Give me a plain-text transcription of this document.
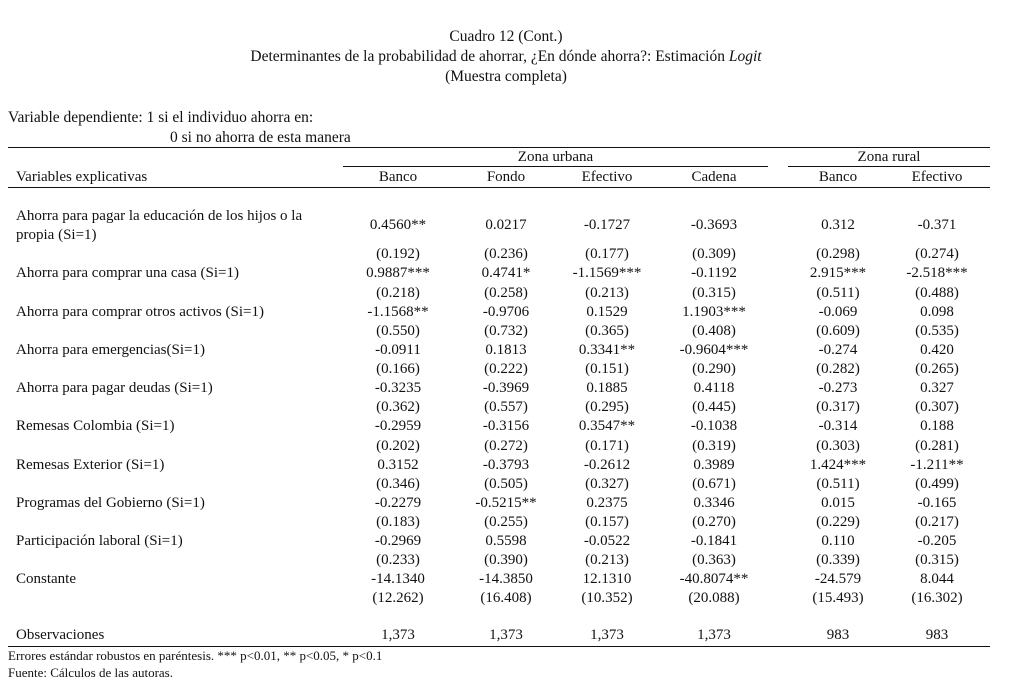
Cuadro 12 (Cont.)
Determinantes de la probabilidad de ahorrar, ¿En dónde ahorra?: Estimación Logit
(Muestra completa)
Variable dependiente: 1 si el individuo ahorra en:
0 si no ahorra de esta manera
Zona urbana	Zona rural
Variables explicativas	Banco	Fondo	Efectivo	Cadena	Banco	Efectivo
Ahorra para pagar la educación de los hijos o la
propia (Si=1)
0.4560**	0.0217	-0.1727	-0.3693	0.312	-0.371
(0.192)	(0.236)	(0.177)	(0.309)	(0.298)	(0.274)
Ahorra para comprar una casa (Si=1)	0.9887***	0.4741*	-1.1569***	-0.1192	2.915***	-2.518***
(0.218)	(0.258)	(0.213)	(0.315)	(0.511)	(0.488)
Ahorra para comprar otros activos (Si=1)	-1.1568**	-0.9706	0.1529	1.1903***	-0.069	0.098
(0.550)	(0.732)	(0.365)	(0.408)	(0.609)	(0.535)
Ahorra para emergencias(Si=1)	-0.0911	0.1813	0.3341**	-0.9604***	-0.274	0.420
(0.166)	(0.222)	(0.151)	(0.290)	(0.282)	(0.265)
Ahorra para pagar deudas (Si=1)	-0.3235	-0.3969	0.1885	0.4118	-0.273	0.327
(0.362)	(0.557)	(0.295)	(0.445)	(0.317)	(0.307)
Remesas Colombia (Si=1)	-0.2959	-0.3156	0.3547**	-0.1038	-0.314	0.188
(0.202)	(0.272)	(0.171)	(0.319)	(0.303)	(0.281)
Remesas Exterior (Si=1)	0.3152	-0.3793	-0.2612	0.3989	1.424***	-1.211**
(0.346)	(0.505)	(0.327)	(0.671)	(0.511)	(0.499)
Programas del Gobierno (Si=1)	-0.2279	-0.5215**	0.2375	0.3346	0.015	-0.165
(0.183)	(0.255)	(0.157)	(0.270)	(0.229)	(0.217)
Participación laboral (Si=1)	-0.2969	0.5598	-0.0522	-0.1841	0.110	-0.205
(0.233)	(0.390)	(0.213)	(0.363)	(0.339)	(0.315)
Constante	-14.1340	-14.3850	12.1310	-40.8074**	-24.579	8.044
(12.262)	(16.408)	(10.352)	(20.088)	(15.493)	(16.302)
Observaciones	1,373	1,373	1,373	1,373	983	983
Errores estándar robustos en paréntesis. *** p<0.01, ** p<0.05, * p<0.1
Fuente: Cálculos de las autoras.
